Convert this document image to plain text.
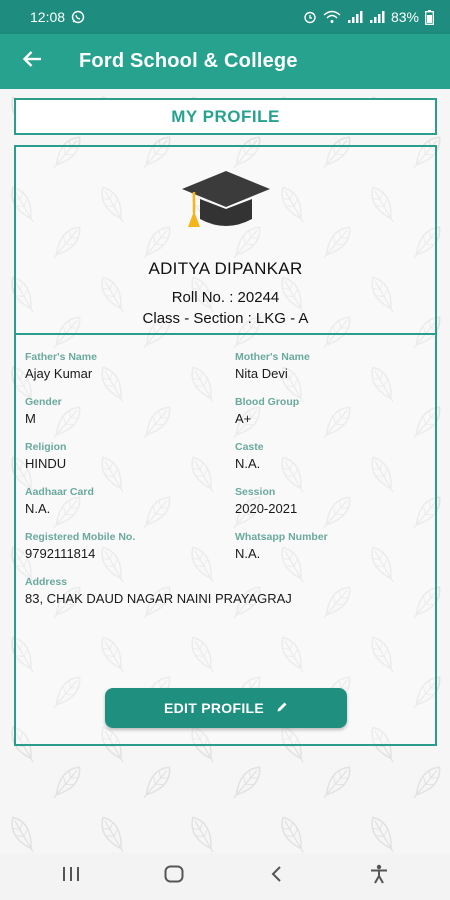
12:08	83%
Ford School & College
MY PROFILE
ADITYA DIPANKAR
Roll No. : 20244
Class - Section : LKG - A
Father's Name
Ajay Kumar
Mother's Name
Nita Devi
Gender
M
Blood Group
A+
Religion
HINDU
Caste
N.A.
Aadhaar Card
N.A.
Session
2020-2021
Registered Mobile No.
9792111814
Whatsapp Number
N.A.
Address
83, CHAK DAUD NAGAR NAINI PRAYAGRAJ
EDIT PROFILE
